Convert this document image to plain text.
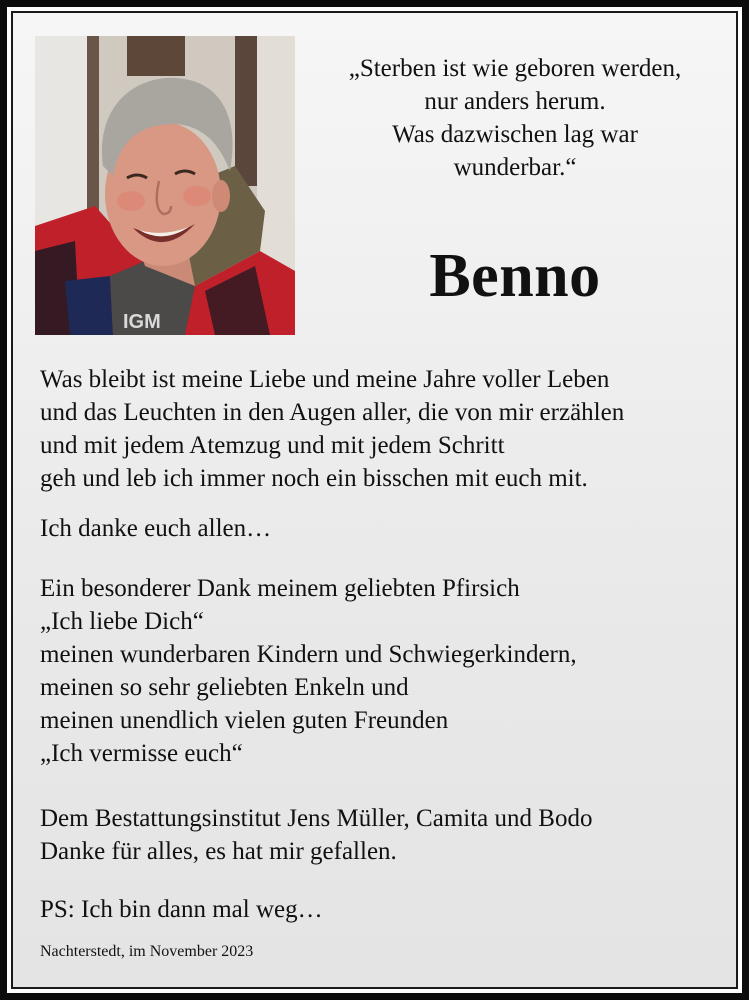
IGM
„Sterben ist wie geboren werden,
nur anders herum.
Was dazwischen lag war
wunderbar.“
Benno
Was bleibt ist meine Liebe und meine Jahre voller Leben
und das Leuchten in den Augen aller, die von mir erzählen
und mit jedem Atemzug und mit jedem Schritt
geh und leb ich immer noch ein bisschen mit euch mit.
Ich danke euch allen…
Ein besonderer Dank meinem geliebten Pfirsich
„Ich liebe Dich“
meinen wunderbaren Kindern und Schwiegerkindern,
meinen so sehr geliebten Enkeln und
meinen unendlich vielen guten Freunden
„Ich vermisse euch“
Dem Bestattungsinstitut Jens Müller, Camita und Bodo
Danke für alles, es hat mir gefallen.
PS: Ich bin dann mal weg…
Nachterstedt, im November 2023
